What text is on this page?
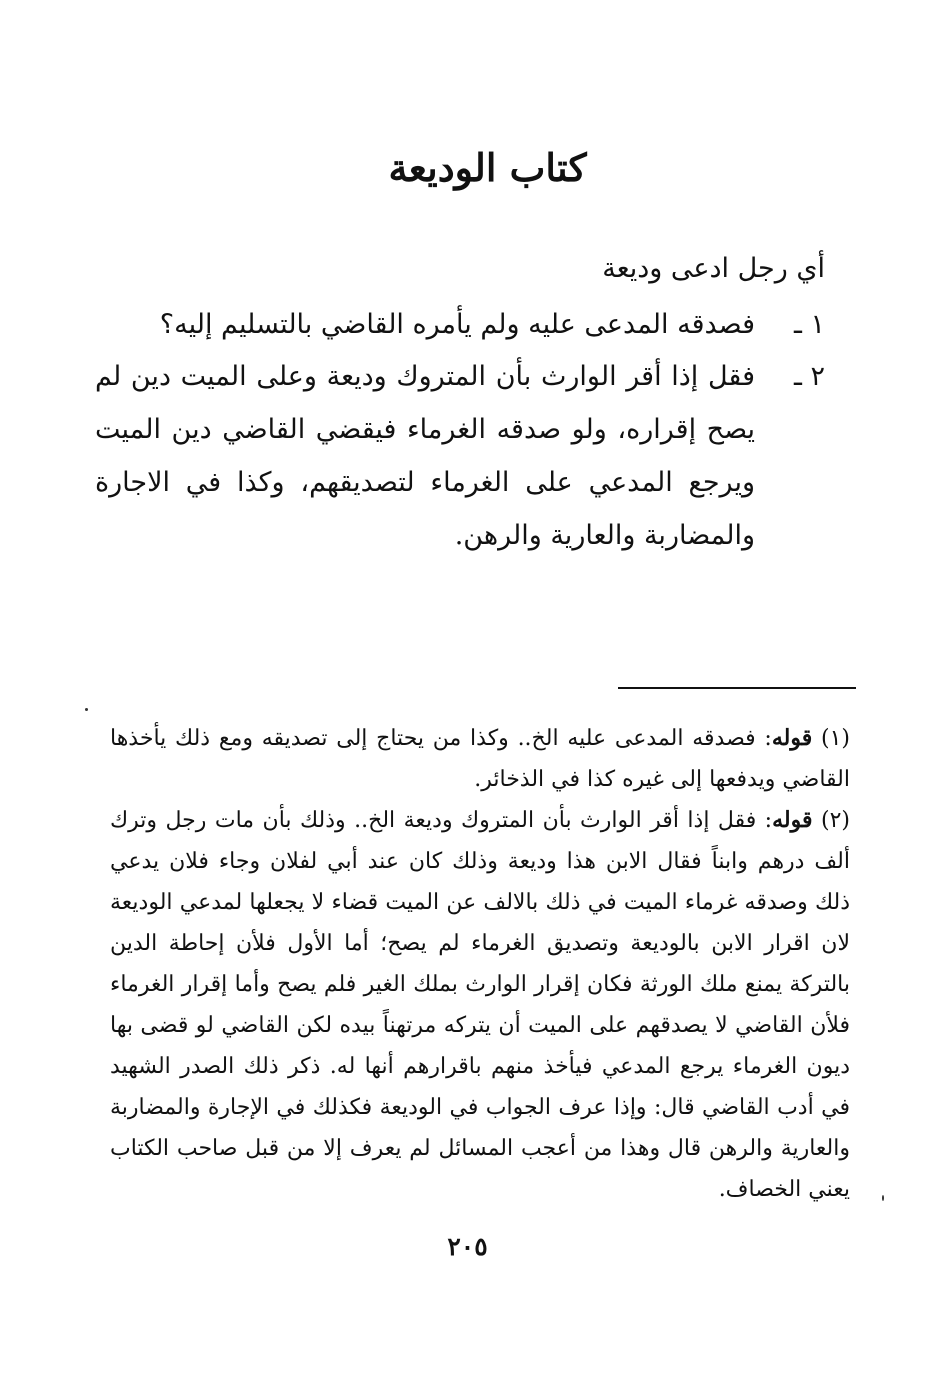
كتاب الوديعة

أي رجل ادعى وديعة

١ ـ
فصدقه المدعى عليه ولم يأمره القاضي بالتسليم إليه؟
٢ ـ
فقل إذا أقر الوارث بأن المتروك وديعة وعلى الميت دين لم يصح إقراره، ولو صدقه الغرماء فيقضي القاضي دين الميت ويرجع المدعي على الغرماء لتصديقهم، وكذا في الاجارة والمضاربة والعارية والرهن.

(١) قوله: فصدقه المدعى عليه الخ.. وكذا من يحتاج إلى تصديقه ومع ذلك يأخذها القاضي ويدفعها إلى غيره كذا في الذخائر.

(٢) قوله: فقل إذا أقر الوارث بأن المتروك وديعة الخ.. وذلك بأن مات رجل وترك ألف درهم وابناً فقال الابن هذا وديعة وذلك كان عند أبي لفلان وجاء فلان يدعي ذلك وصدقه غرماء الميت في ذلك بالالف عن الميت قضاء لا يجعلها لمدعي الوديعة لان اقرار الابن بالوديعة وتصديق الغرماء لم يصح؛ أما الأول فلأن إحاطة الدين بالتركة يمنع ملك الورثة فكان إقرار الوارث بملك الغير فلم يصح وأما إقرار الغرماء فلأن القاضي لا يصدقهم على الميت أن يتركه مرتهناً بيده لكن القاضي لو قضى بها ديون الغرماء يرجع المدعي فيأخذ منهم باقرارهم أنها له. ذكر ذلك الصدر الشهيد في أدب القاضي قال: وإذا عرف الجواب في الوديعة فكذلك في الإجارة والمضاربة والعارية والرهن قال وهذا من أعجب المسائل لم يعرف إلا من قبل صاحب الكتاب يعني الخصاف.

٢٠٥
